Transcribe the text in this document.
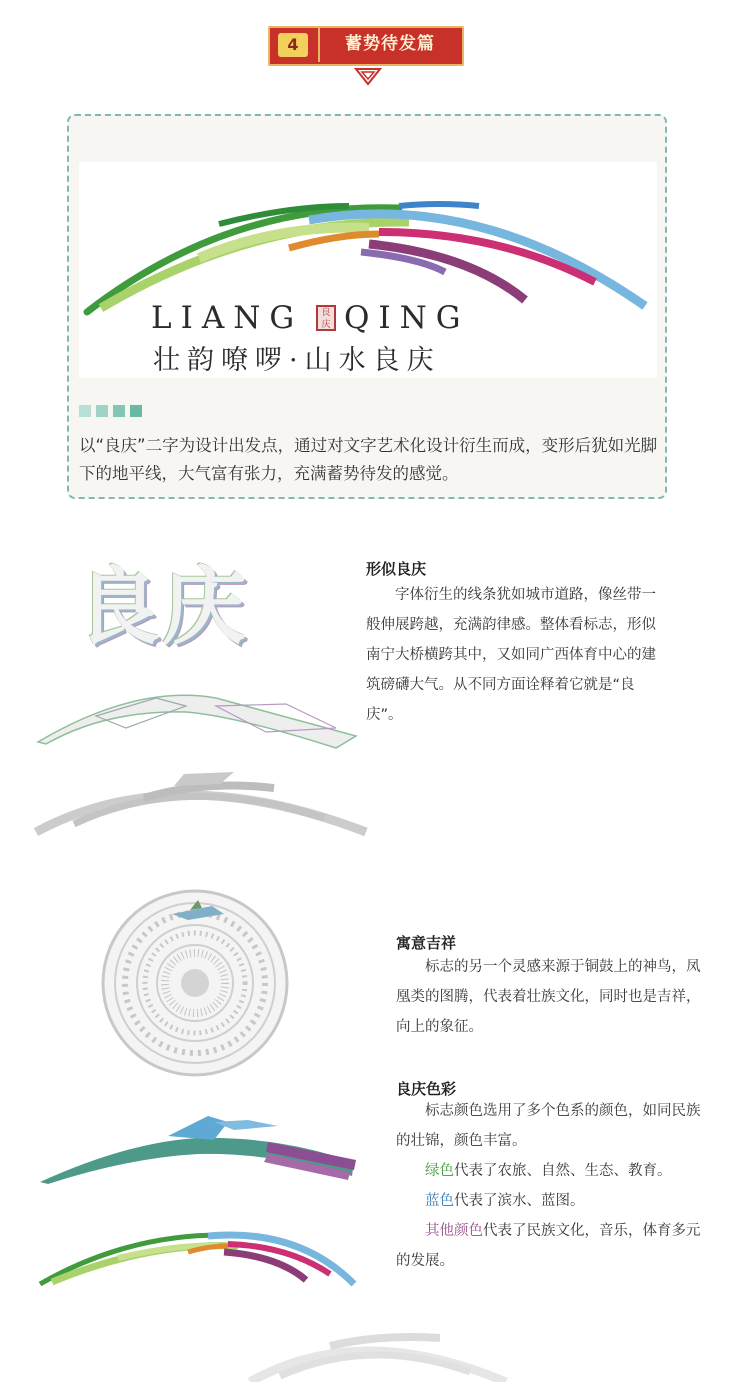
4	蓄势待发篇
LIANG	良庆 QING
壮韵嘹啰·山水良庆
以“良庆”二字为设计出发点，通过对文字艺术化设计衍生而成，变形后犹如光脚下的地平线，大气富有张力，充满蓄势待发的感觉。
良庆	形似良庆
字体衍生的线条犹如城市道路，像丝带一般伸展跨越，充满韵律感。整体看标志，形似南宁大桥横跨其中，又如同广西体育中心的建筑磅礴大气。从不同方面诠释着它就是“良庆”。
寓意吉祥
标志的另一个灵感来源于铜鼓上的神鸟，凤凰类的图腾，代表着壮族文化，同时也是吉祥，向上的象征。
良庆色彩
标志颜色选用了多个色系的颜色，如同民族的壮锦，颜色丰富。
绿色代表了农旅、自然、生态、教育。
蓝色代表了滨水、蓝图。
其他颜色代表了民族文化，音乐，体育多元的发展。
